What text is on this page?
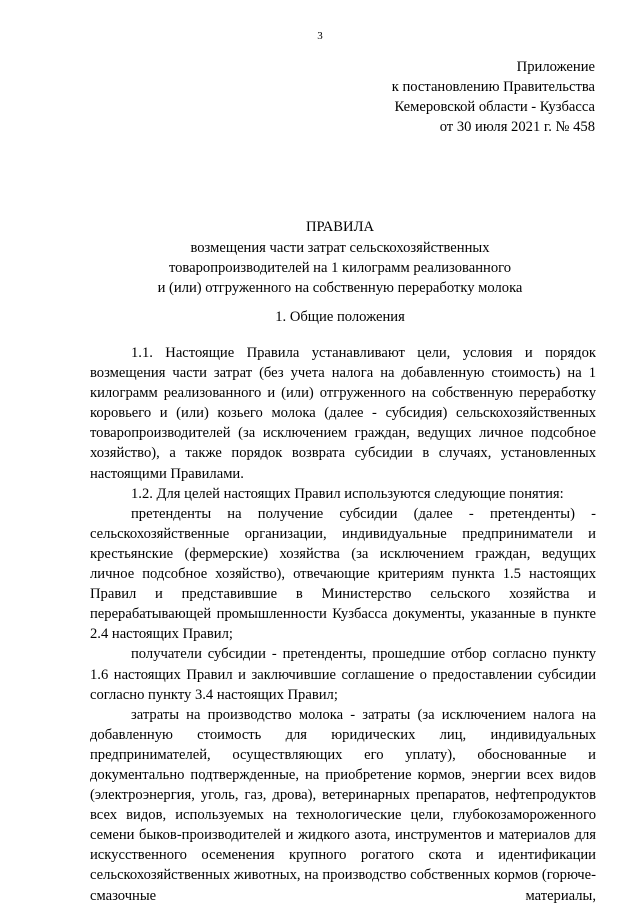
3
Приложение
к постановлению Правительства
Кемеровской области - Кузбасса
от 30 июля 2021 г. № 458
ПРАВИЛА
возмещения части затрат сельскохозяйственных
товаропроизводителей на 1 килограмм реализованного
и (или) отгруженного на собственную переработку молока
1. Общие положения

1.1. Настоящие Правила устанавливают цели, условия и порядок возмещения части затрат (без учета налога на добавленную стоимость) на 1 килограмм реализованного и (или) отгруженного на собственную переработку коровьего и (или) козьего молока (далее - субсидия) сельскохозяйственных товаропроизводителей (за исключением граждан, ведущих личное подсобное хозяйство), а также порядок возврата субсидии в случаях, установленных настоящими Правилами.

1.2. Для целей настоящих Правил используются следующие понятия:

претенденты на получение субсидии (далее - претенденты) - сельскохозяйственные организации, индивидуальные предприниматели и крестьянские (фермерские) хозяйства (за исключением граждан, ведущих личное подсобное хозяйство), отвечающие критериям пункта 1.5 настоящих Правил и представившие в Министерство сельского хозяйства и перерабатывающей промышленности Кузбасса документы, указанные в пункте 2.4 настоящих Правил;

получатели субсидии - претенденты, прошедшие отбор согласно пункту 1.6 настоящих Правил и заключившие соглашение о предоставлении субсидии согласно пункту 3.4 настоящих Правил;

затраты на производство молока - затраты (за исключением налога на добавленную стоимость для юридических лиц, индивидуальных предпринимателей, осуществляющих его уплату), обоснованные и документально подтвержденные, на приобретение кормов, энергии всех видов (электроэнергия, уголь, газ, дрова), ветеринарных препаратов, нефтепродуктов всех видов, используемых на технологические цели, глубокозамороженного семени быков-производителей и жидкого азота, инструментов и материалов для искусственного осеменения крупного рогатого скота и идентификации сельскохозяйственных животных, на производство собственных кормов (горюче-смазочные материалы,
